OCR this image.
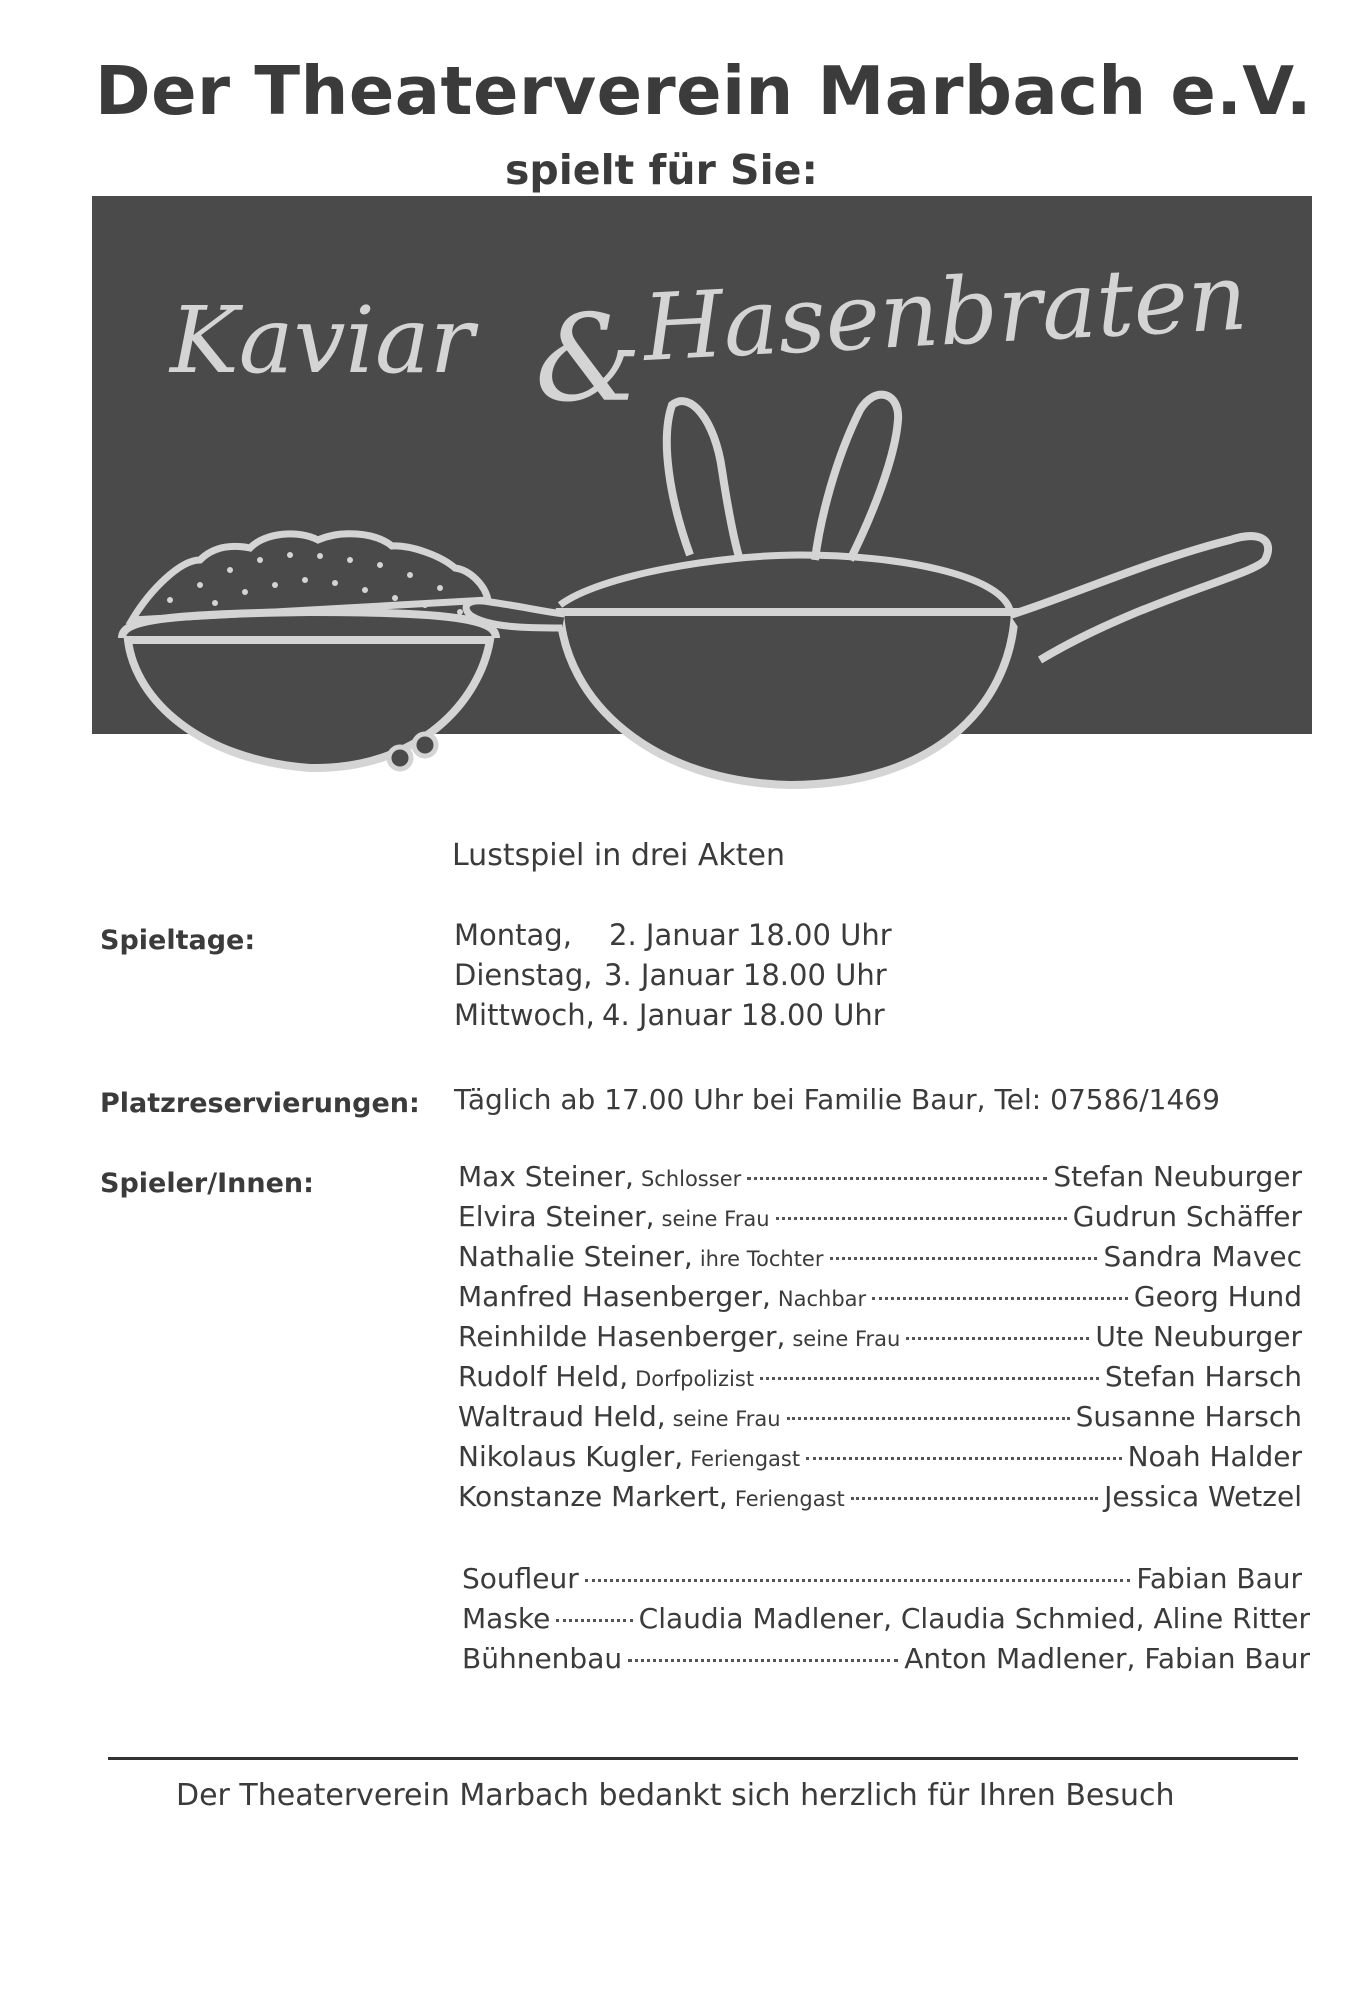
Der Theaterverein Marbach e.V.
spielt für Sie:
Kaviar &
Hasenbraten
Lustspiel in drei Akten
Spieltage:	Montag, 2. Januar 18.00 Uhr
Dienstag, 3. Januar 18.00 Uhr
Mittwoch, 4. Januar 18.00 Uhr
Platzreservierungen: Täglich ab 17.00 Uhr bei Familie Baur, Tel: 07586/1469
Spieler/Innen:	Max Steiner, Schlosser	Stefan Neuburger
Elvira Steiner, seine Frau	Gudrun Schäffer
Nathalie Steiner, ihre Tochter	Sandra Mavec
Manfred Hasenberger, Nachbar	Georg Hund
Reinhilde Hasenberger, seine Frau	Ute Neuburger
Rudolf Held, Dorfpolizist	Stefan Harsch
Waltraud Held, seine Frau	Susanne Harsch
Nikolaus Kugler, Feriengast	Noah Halder
Konstanze Markert, Feriengast	Jessica Wetzel
Soufleur	Fabian Baur
Maske	Claudia Madlener, Claudia Schmied, Aline Ritter
Bühnenbau	Anton Madlener, Fabian Baur
Der Theaterverein Marbach bedankt sich herzlich für Ihren Besuch
